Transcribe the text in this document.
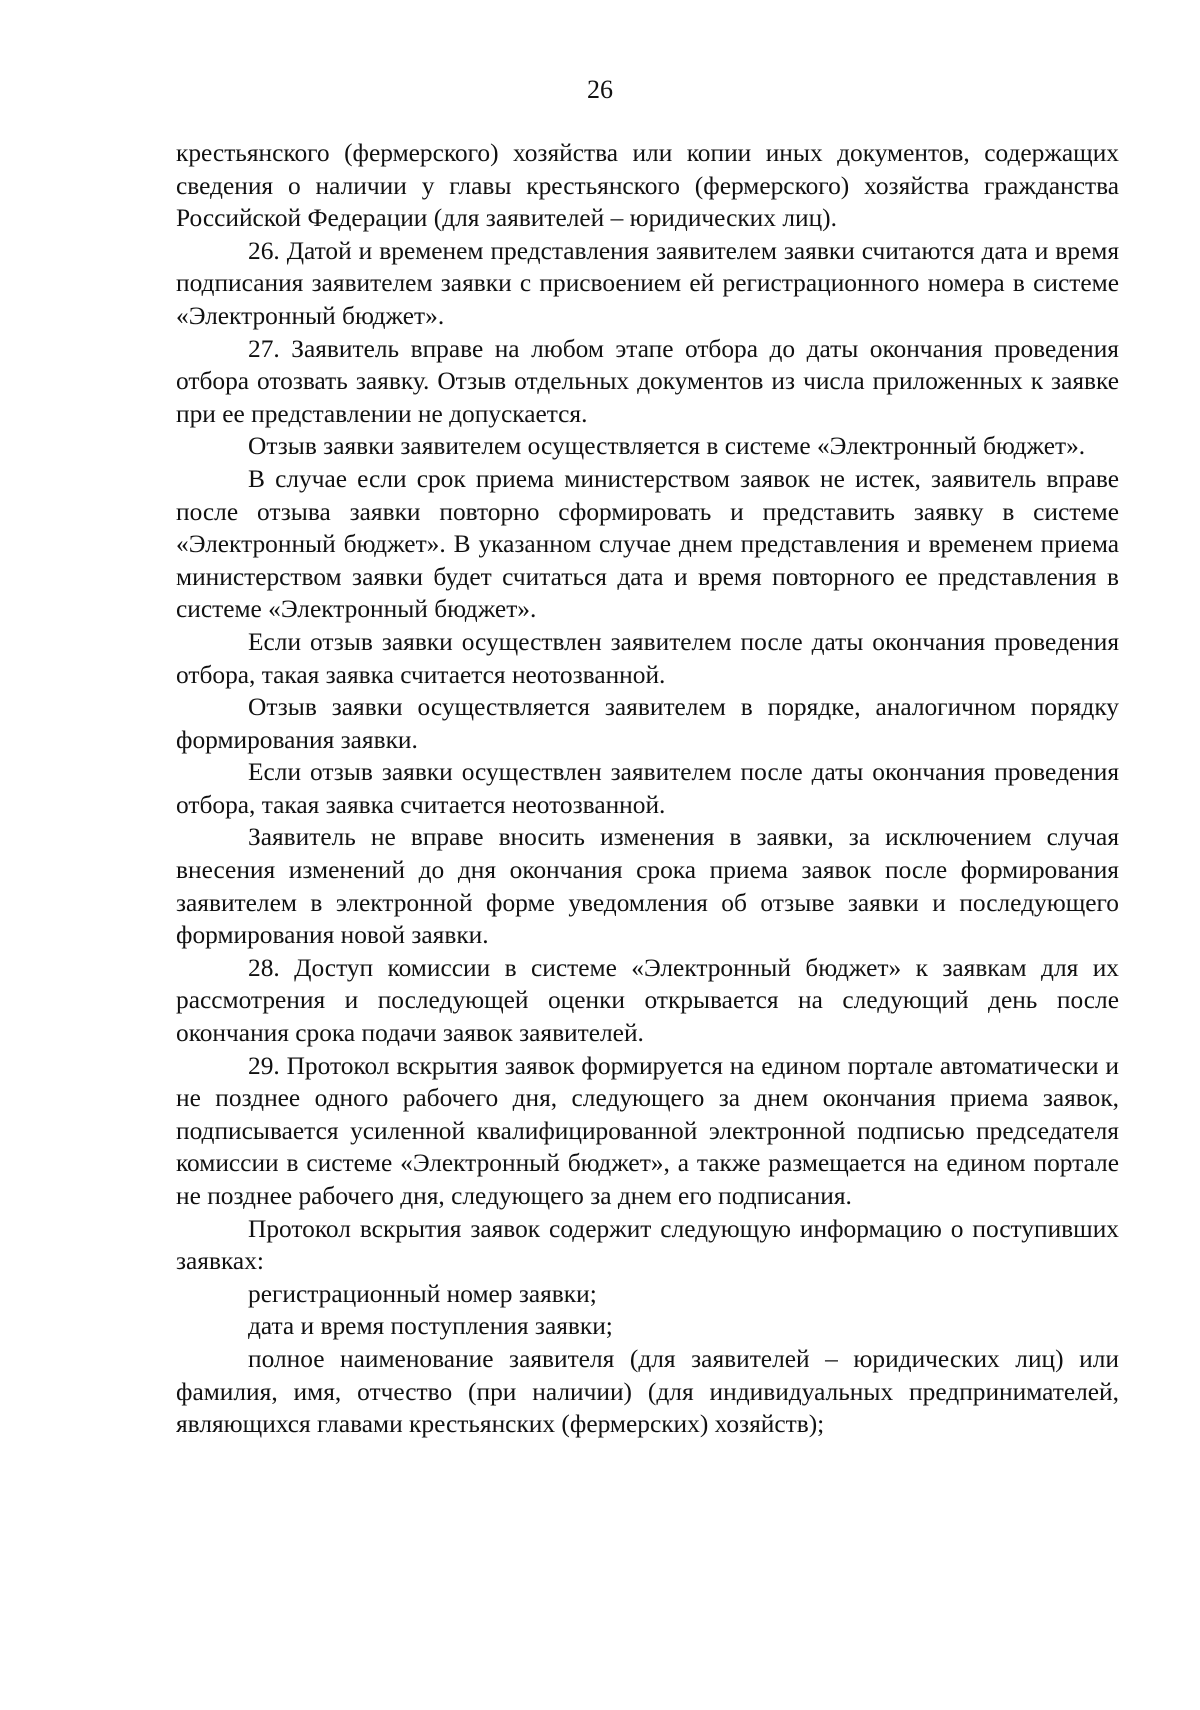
26

крестьянского (фермерского) хозяйства или копии иных документов, содержащих сведения о наличии у главы крестьянского (фермерского) хозяйства гражданства Российской Федерации (для заявителей – юридических лиц).

26. Датой и временем представления заявителем заявки считаются дата и время подписания заявителем заявки с присвоением ей регистрационного номера в системе «Электронный бюджет».

27. Заявитель вправе на любом этапе отбора до даты окончания проведения отбора отозвать заявку. Отзыв отдельных документов из числа приложенных к заявке при ее представлении не допускается.

Отзыв заявки заявителем осуществляется в системе «Электронный бюджет».

В случае если срок приема министерством заявок не истек, заявитель вправе после отзыва заявки повторно сформировать и представить заявку в системе «Электронный бюджет». В указанном случае днем представления и временем приема министерством заявки будет считаться дата и время повторного ее представления в системе «Электронный бюджет».

Если отзыв заявки осуществлен заявителем после даты окончания проведения отбора, такая заявка считается неотозванной.

Отзыв заявки осуществляется заявителем в порядке, аналогичном порядку формирования заявки.

Если отзыв заявки осуществлен заявителем после даты окончания проведения отбора, такая заявка считается неотозванной.

Заявитель не вправе вносить изменения в заявки, за исключением случая внесения изменений до дня окончания срока приема заявок после формирования заявителем в электронной форме уведомления об отзыве заявки и последующего формирования новой заявки.

28. Доступ комиссии в системе «Электронный бюджет» к заявкам для их рассмотрения и последующей оценки открывается на следующий день после окончания срока подачи заявок заявителей.

29. Протокол вскрытия заявок формируется на едином портале автоматически и не позднее одного рабочего дня, следующего за днем окончания приема заявок, подписывается усиленной квалифицированной электронной подписью председателя комиссии в системе «Электронный бюджет», а также размещается на едином портале не позднее рабочего дня, следующего за днем его подписания.

Протокол вскрытия заявок содержит следующую информацию о поступивших заявках:

регистрационный номер заявки;

дата и время поступления заявки;

полное наименование заявителя (для заявителей – юридических лиц) или фамилия, имя, отчество (при наличии) (для индивидуальных предпринимателей, являющихся главами крестьянских (фермерских) хозяйств);
